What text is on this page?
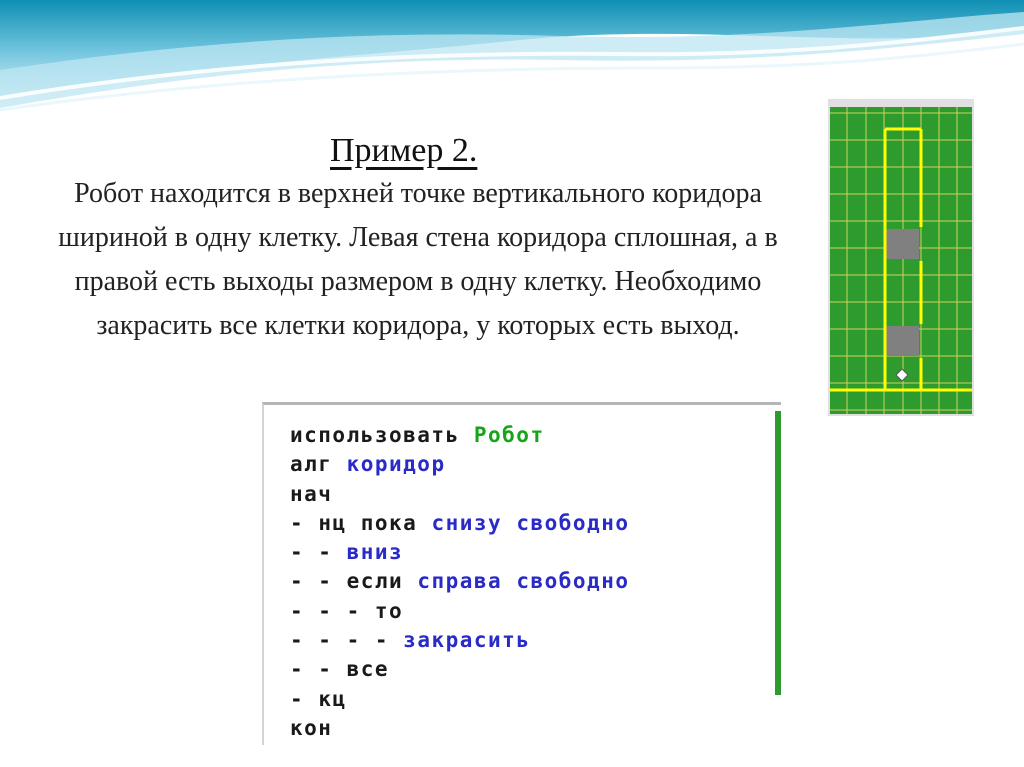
Пример 2.
Робот находится в верхней точке вертикального коридора шириной в одну клетку. Левая стена коридора сплошная, а в правой есть выходы размером в одну клетку. Необходимо закрасить все клетки коридора, у которых есть выход.
использовать Робот
алг коридор
нач
- нц пока снизу свободно
- - вниз
- - если справа свободно
- - - то
- - - - закрасить
- - все
- кц
кон
